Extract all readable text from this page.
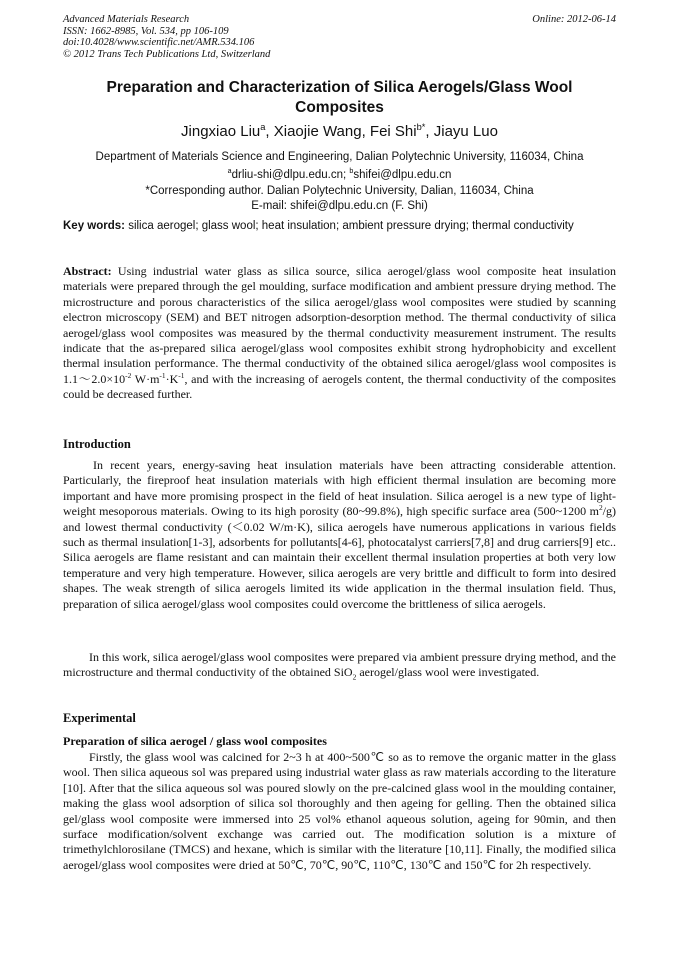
Advanced Materials Research
ISSN: 1662-8985, Vol. 534, pp 106-109
doi:10.4028/www.scientific.net/AMR.534.106
© 2012 Trans Tech Publications Ltd, Switzerland
Online: 2012-06-14
Preparation and Characterization of Silica Aerogels/Glass Wool
Composites
Jingxiao Liu$^a$, Xiaojie Wang, Fei Shi$^{b*}$, Jiayu Luo
Department of Materials Science and Engineering, Dalian Polytechnic University, 116034, China
$^a$drliu-shi@dlpu.edu.cn; $^b$shifei@dlpu.edu.cn
*Corresponding author. Dalian Polytechnic University, Dalian, 116034, China
E-mail: shifei@dlpu.edu.cn (F. Shi)
Key words: silica aerogel; glass wool; heat insulation; ambient pressure drying; thermal conductivity
Abstract: Using industrial water glass as silica source, silica aerogel/glass wool composite heat insulation materials were prepared through the gel moulding, surface modification and ambient pressure drying method. The microstructure and porous characteristics of the silica aerogel/glass wool composites were studied by scanning electron microscopy (SEM) and BET nitrogen adsorption-desorption method. The thermal conductivity of silica aerogel/glass wool composites was measured by the thermal conductivity measurement instrument. The results indicate that the as-prepared silica aerogel/glass wool composites exhibit strong hydrophobicity and excellent thermal insulation performance. The thermal conductivity of the obtained silica aerogel/glass wool composites is $1.1\sim 2.0\times 10^{-2}$ $W\cdot m^{-1}\cdot K^{-1}$, and with the increasing of aerogels content, the thermal conductivity of the composites could be decreased further.
Introduction
In recent years, energy-saving heat insulation materials have been attracting considerable attention. Particularly, the fireproof heat insulation materials with high efficient thermal insulation are becoming more important and have more promising prospect in the field of heat insulation. Silica aerogel is a new type of light-weight mesoporous materials. Owing to its high porosity (80~99.8%), high specific surface area (500~1200 $m^2/g$) and lowest thermal conductivity (＜0.02 W/m·K), silica aerogels have numerous applications in various fields such as thermal insulation[1-3], adsorbents for pollutants[4-6], photocatalyst carriers[7,8] and drug carriers[9] etc.. Silica aerogels are flame resistant and can maintain their excellent thermal insulation properties at both very low temperature and very high temperature. However, silica aerogels are very brittle and difficult to form into desired shapes. The weak strength of silica aerogels limited its wide application in the thermal insulation field. Thus, preparation of silica aerogel/glass wool composites could overcome the brittleness of silica aerogels.
In this work, silica aerogel/glass wool composites were prepared via ambient pressure drying method, and the microstructure and thermal conductivity of the obtained SiO$_2$ aerogel/glass wool were investigated.
Experimental
Preparation of silica aerogel / glass wool composites
Firstly, the glass wool was calcined for 2~3 h at 400~500℃ so as to remove the organic matter in the glass wool. Then silica aqueous sol was prepared using industrial water glass as raw materials according to the literature [10]. After that the silica aqueous sol was poured slowly on the pre-calcined glass wool in the moulding container, making the glass wool adsorption of silica sol thoroughly and then ageing for gelling. Then the obtained silica gel/glass wool composite were immersed into 25 vol% ethanol aqueous solution, ageing for 90min, and then surface modification/solvent exchange was carried out. The modification solution is a mixture of trimethylchlorosilane (TMCS) and hexane, which is similar with the literature [10,11]. Finally, the modified silica aerogel/glass wool composites were dried at 50℃, 70℃, 90℃, 110℃, 130℃ and 150℃ for 2h respectively.
